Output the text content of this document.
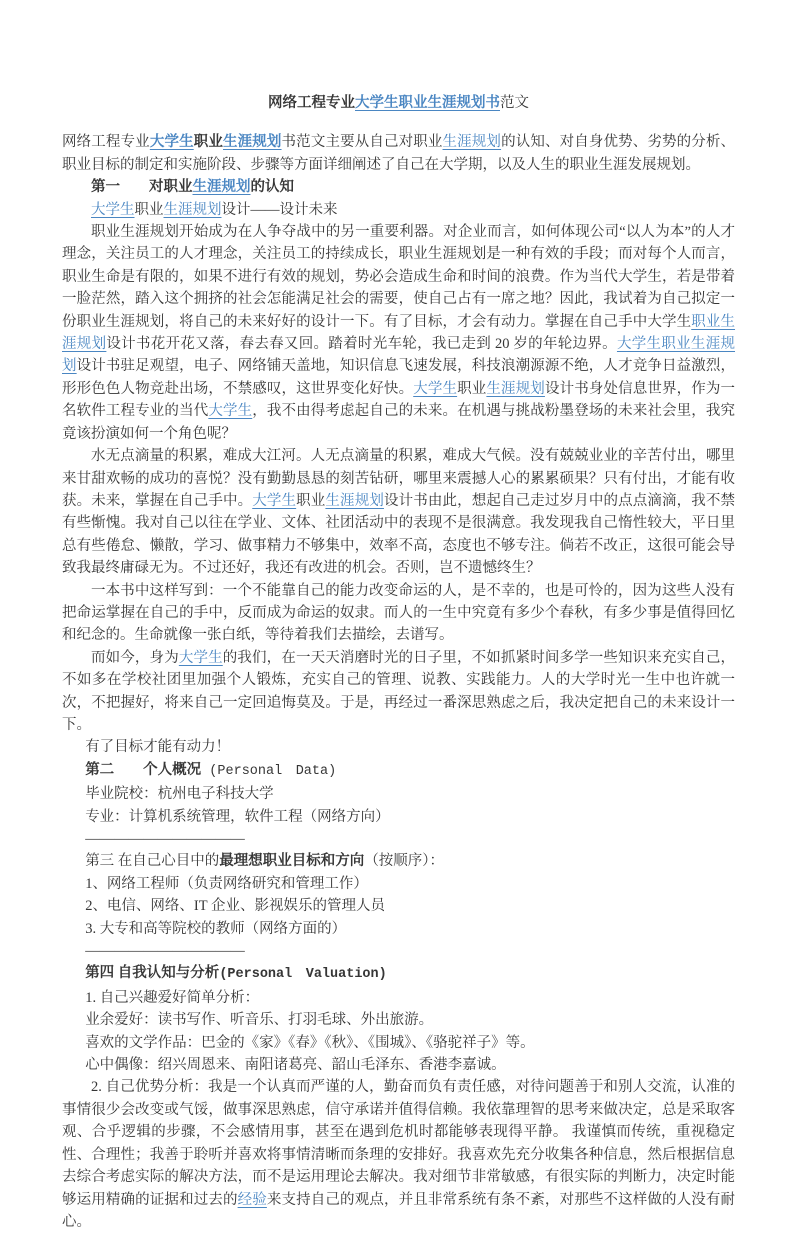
网络工程专业大学生职业生涯规划书范文

网络工程专业大学生职业生涯规划书范文主要从自己对职业生涯规划的认知、对自身优势、劣势的分析、职业目标的制定和实施阶段、步骤等方面详细阐述了自己在大学期，以及人生的职业生涯发展规划。

第一　　对职业生涯规划的认知

大学生职业生涯规划设计——设计未来

职业生涯规划开始成为在人争夺战中的另一重要利器。对企业而言，如何体现公司“以人为本”的人才理念，关注员工的人才理念，关注员工的持续成长，职业生涯规划是一种有效的手段；而对每个人而言，职业生命是有限的，如果不进行有效的规划，势必会造成生命和时间的浪费。作为当代大学生，若是带着一脸茫然，踏入这个拥挤的社会怎能满足社会的需要，使自己占有一席之地？因此，我试着为自己拟定一份职业生涯规划，将自己的未来好好的设计一下。有了目标，才会有动力。掌握在自己手中大学生职业生涯规划设计书花开花又落，春去春又回。踏着时光车轮，我已走到 20 岁的年轮边界。大学生职业生涯规划设计书驻足观望，电子、网络铺天盖地，知识信息飞速发展，科技浪潮源源不绝，人才竞争日益激烈，形形色色人物竞赴出场，不禁感叹，这世界变化好快。大学生职业生涯规划设计书身处信息世界，作为一名软件工程专业的当代大学生，我不由得考虑起自己的未来。在机遇与挑战粉墨登场的未来社会里，我究竟该扮演如何一个角色呢？

水无点滴量的积累，难成大江河。人无点滴量的积累，难成大气候。没有兢兢业业的辛苦付出，哪里来甘甜欢畅的成功的喜悦？没有勤勤恳恳的刻苦钻研，哪里来震撼人心的累累硕果？只有付出，才能有收获。未来，掌握在自己手中。大学生职业生涯规划设计书由此，想起自己走过岁月中的点点滴滴，我不禁有些惭愧。我对自己以往在学业、文体、社团活动中的表现不是很满意。我发现我自己惰性较大，平日里总有些倦怠、懒散，学习、做事精力不够集中，效率不高，态度也不够专注。倘若不改正，这很可能会导致我最终庸碌无为。不过还好，我还有改进的机会。否则，岂不遗憾终生？

一本书中这样写到：一个不能靠自己的能力改变命运的人，是不幸的，也是可怜的，因为这些人没有把命运掌握在自己的手中，反而成为命运的奴隶。而人的一生中究竟有多少个春秋，有多少事是值得回忆和纪念的。生命就像一张白纸，等待着我们去描绘，去谱写。

而如今，身为大学生的我们，在一天天消磨时光的日子里，不如抓紧时间多学一些知识来充实自己，不如多在学校社团里加强个人锻炼，充实自己的管理、说教、实践能力。人的大学时光一生中也许就一次，不把握好，将来自己一定回追悔莫及。于是，再经过一番深思熟虑之后，我决定把自己的未来设计一下。

有了目标才能有动力！

第二　　个人概况 (Personal　Data)

毕业院校：杭州电子科技大学

专业：计算机系统管理，软件工程（网络方向）

———————————

第三 在自己心目中的最理想职业目标和方向（按顺序）：

1、网络工程师（负责网络研究和管理工作）

2、电信、网络、IT 企业、影视娱乐的管理人员

3. 大专和高等院校的教师（网络方面的）

———————————

第四 自我认知与分析(Personal　Valuation)

1. 自己兴趣爱好简单分析：

业余爱好：读书写作、听音乐、打羽毛球、外出旅游。

喜欢的文学作品：巴金的《家》《春》《秋》、《围城》、《骆驼祥子》等。

心中偶像：绍兴周恩来、南阳诸葛亮、韶山毛泽东、香港李嘉诚。

2. 自己优势分析：我是一个认真而严谨的人，勤奋而负有责任感，对待问题善于和别人交流，认准的事情很少会改变或气馁，做事深思熟虑，信守承诺并值得信赖。我依靠理智的思考来做决定，总是采取客观、合乎逻辑的步骤，不会感情用事，甚至在遇到危机时都能够表现得平静。 我谨慎而传统，重视稳定性、合理性；我善于聆听并喜欢将事情清晰而条理的安排好。我喜欢先充分收集各种信息，然后根据信息去综合考虑实际的解决方法，而不是运用理论去解决。我对细节非常敏感，有很实际的判断力，决定时能够运用精确的证据和过去的经验来支持自己的观点，并且非常系统有条不紊，对那些不这样做的人没有耐心。
